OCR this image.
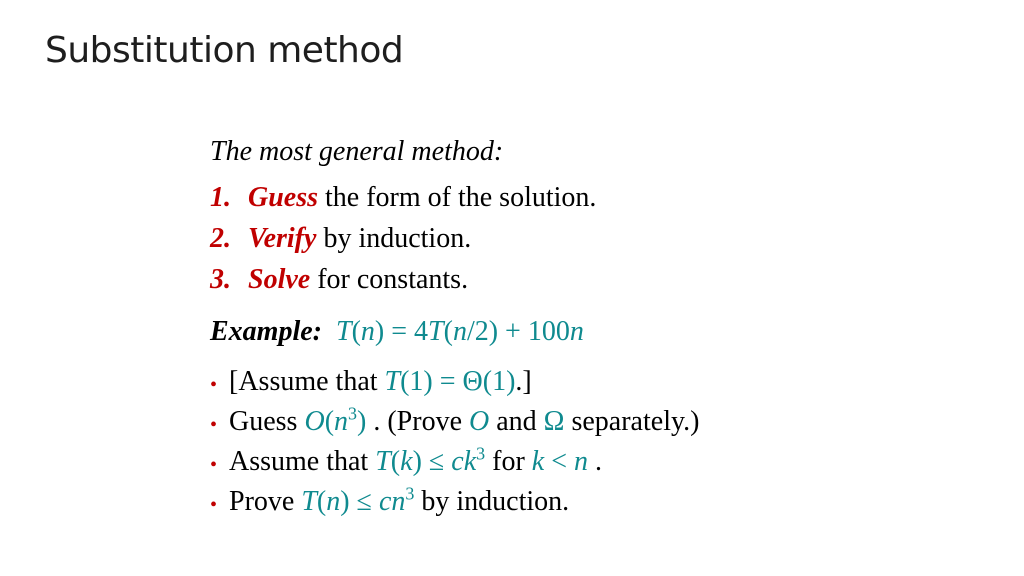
Substitution method
The most general method:
1. Guess the form of the solution.
2. Verify by induction.
3. Solve for constants.
Example: T(n) = 4T(n/2) + 100n
• [Assume that T(1) = Θ(1).]
• Guess $O(n^3)$ . (Prove O and Ω separately.)
• Assume that $T(k) \le ck^3$ for k < n .
• Prove $T(n) \le cn^3$ by induction.
